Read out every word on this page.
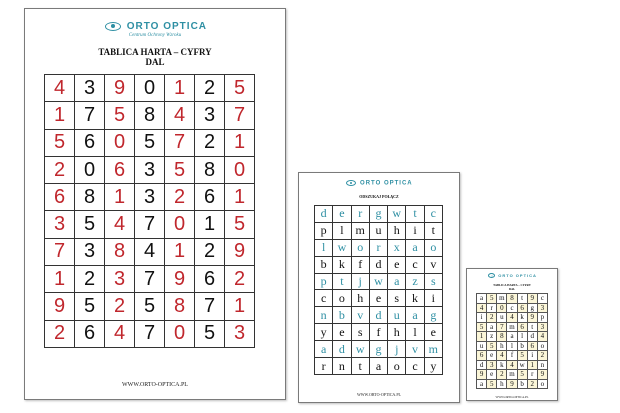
ORTO OPTICA
Centrum Ochrony Wzroku
TABLICA HARTA – CYFRY
DAL
4	3	9	0	1	2	5
1	7	5	8	4	3	7
5	6	0	5	7	2	1
2	0	6	3	5	8	0
6	8	1	3	2	6	1
3	5	4	7	0	1	5
7	3	8	4	1	2	9
1	2	3	7	9	6	2
9	5	2	5	8	7	1
2	6	4	7	0	5	3
WWW.ORTO-OPTICA.PL
ORTO OPTICA
ODSZUKAJ POŁĄCZ
d	e	r	g	w	t	c
p	l	m	u	h	i	t
l	w	o	r	x	a	o
b	k	f	d	e	c	v
p	t	j	w	a	z	s
c	o	h	e	s	k	i
n	b	v	d	u	a	g
y	e	s	f	h	l	e
a	d	w	g	j	v	m
r	n	t	a	o	c	y
WWW.ORTO-OPTICA.PL
ORTO OPTICA
TABLICA HARTA – CYFRY
DAL
a	5	m	8	t	9	c
4	r	0	c	6	g	3
i	2	u	4	k	9	p
5	a	7	m	6	t	3
1	z	8	a	l	d	4
u	5	h	l	b	6	o
6	e	4	f	5	i	2
d	3	k	4	w	1	n
9	e	2	m	5	r	9
a	5	h	9	b	2	o
WWW.ORTO-OPTICA.PL
